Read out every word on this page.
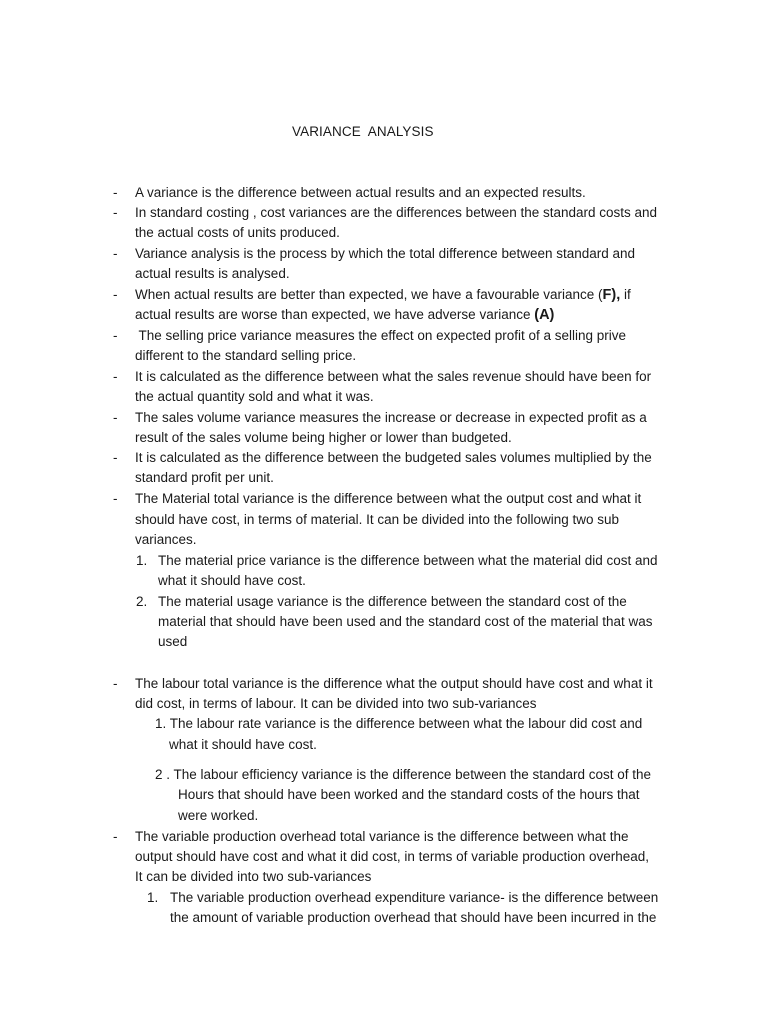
VARIANCE  ANALYSIS
- A variance is the difference between actual results and an expected results.
- In standard costing , cost variances are the differences between the standard costs and
the actual costs of units produced.
- Variance analysis is the process by which the total difference between standard and
actual results is analysed.
- When actual results are better than expected, we have a favourable variance (F), if
actual results are worse than expected, we have adverse variance (A)
- The selling price variance measures the effect on expected profit of a selling prive
different to the standard selling price.
- It is calculated as the difference between what the sales revenue should have been for
the actual quantity sold and what it was.
- The sales volume variance measures the increase or decrease in expected profit as a
result of the sales volume being higher or lower than budgeted.
- It is calculated as the difference between the budgeted sales volumes multiplied by the
standard profit per unit.
- The Material total variance is the difference between what the output cost and what it
should have cost, in terms of material. It can be divided into the following two sub
variances.
1. The material price variance is the difference between what the material did cost and
what it should have cost.
2. The material usage variance is the difference between the standard cost of the
material that should have been used and the standard cost of the material that was
used
- The labour total variance is the difference what the output should have cost and what it
did cost, in terms of labour. It can be divided into two sub-variances
1. The labour rate variance is the difference between what the labour did cost and
what it should have cost.
2 . The labour efficiency variance is the difference between the standard cost of the
Hours that should have been worked and the standard costs of the hours that
were worked.
- The variable production overhead total variance is the difference between what the
output should have cost and what it did cost, in terms of variable production overhead,
It can be divided into two sub-variances
1. The variable production overhead expenditure variance- is the difference between
the amount of variable production overhead that should have been incurred in the
